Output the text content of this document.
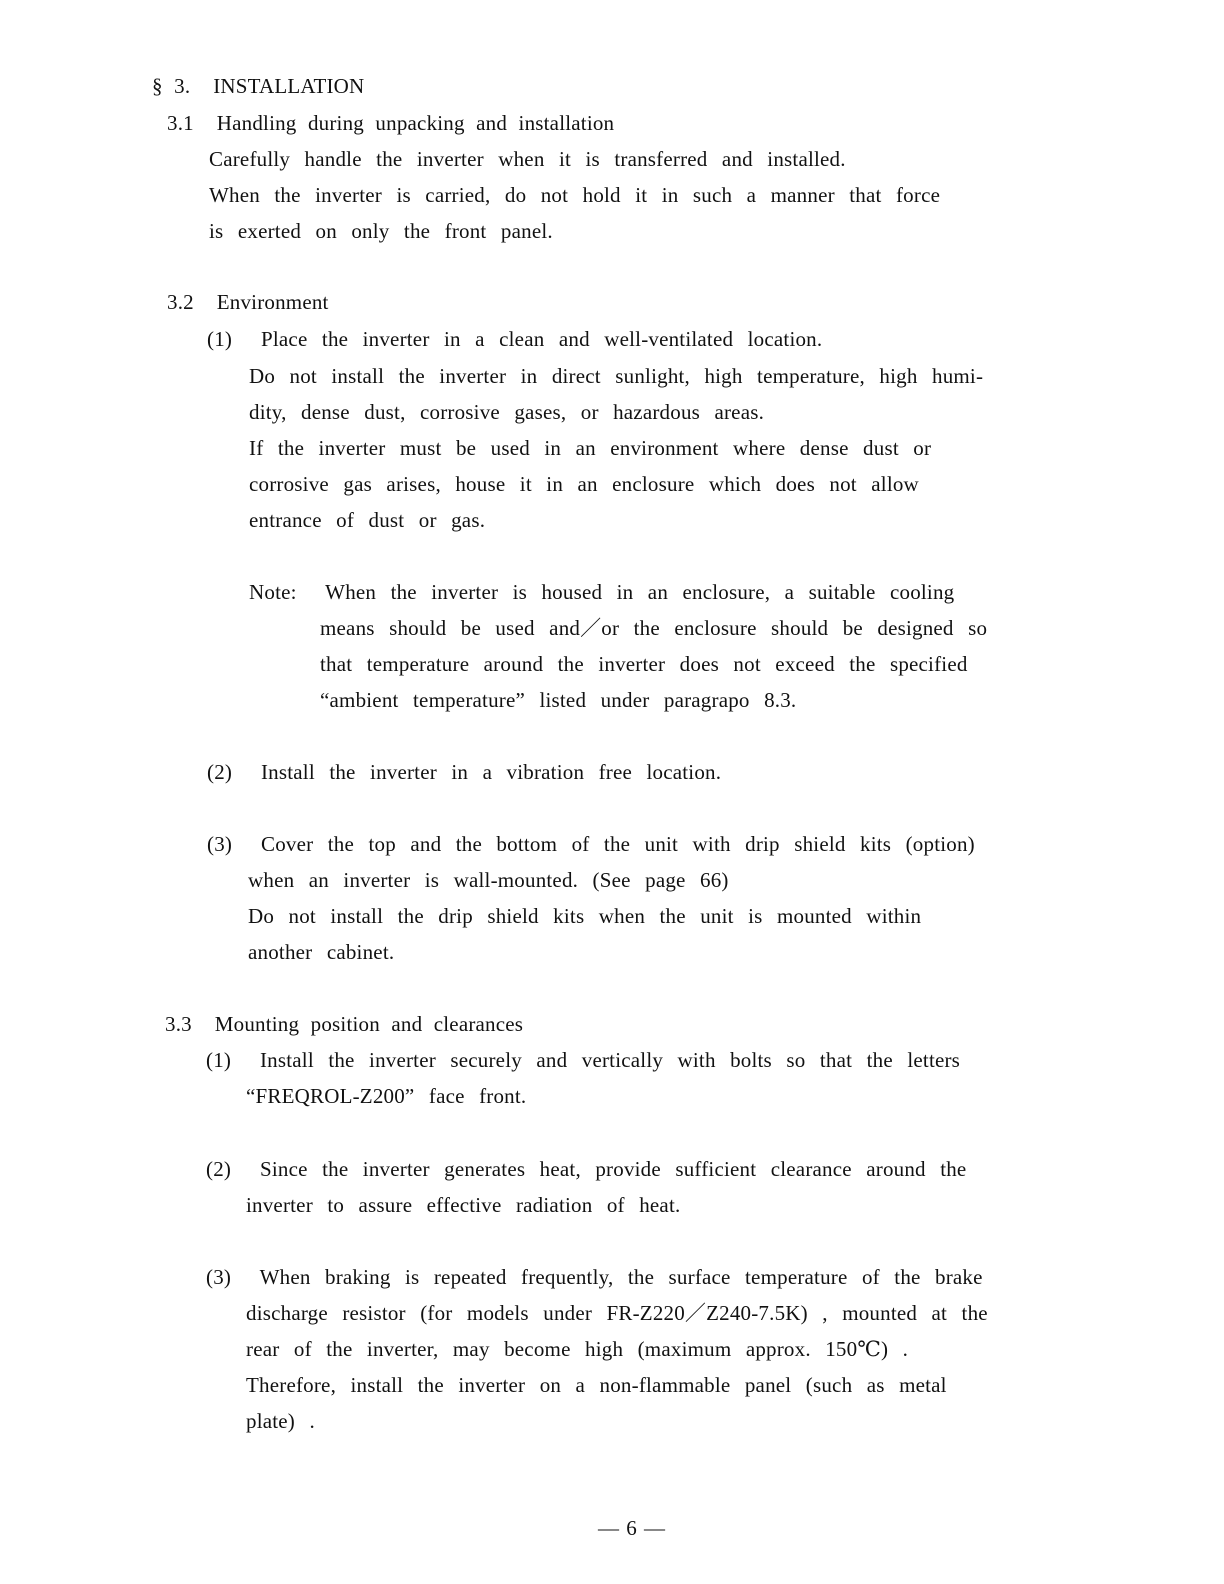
§ 3.  INSTALLATION

3.1  Handling during unpacking and installation

Carefully handle the inverter when it is transferred and installed.

When the inverter is carried, do not hold it in such a manner that force

is exerted on only the front panel.

3.2  Environment

(1)  Place the inverter in a clean and well-ventilated location.

Do not install the inverter in direct sunlight, high temperature, high humi-

dity, dense dust, corrosive gases, or hazardous areas.

If the inverter must be used in an environment where dense dust or

corrosive gas arises, house it in an enclosure which does not allow

entrance of dust or gas.

Note:  When the inverter is housed in an enclosure, a suitable cooling

means should be used and／or the enclosure should be designed so

that temperature around the inverter does not exceed the specified

“ambient temperature” listed under paragrapo 8.3.

(2)  Install the inverter in a vibration free location.

(3)  Cover the top and the bottom of the unit with drip shield kits (option)

when an inverter is wall-mounted. (See page 66)

Do not install the drip shield kits when the unit is mounted within

another cabinet.

3.3  Mounting position and clearances

(1)  Install the inverter securely and vertically with bolts so that the letters

“FREQROL-Z200” face front.

(2)  Since the inverter generates heat, provide sufficient clearance around the

inverter to assure effective radiation of heat.

(3)  When braking is repeated frequently, the surface temperature of the brake

discharge resistor (for models under FR-Z220／Z240-7.5K) , mounted at the

rear of the inverter, may become high (maximum approx. 150℃) .

Therefore, install the inverter on a non-flammable panel (such as metal

plate) .

— 6 —
